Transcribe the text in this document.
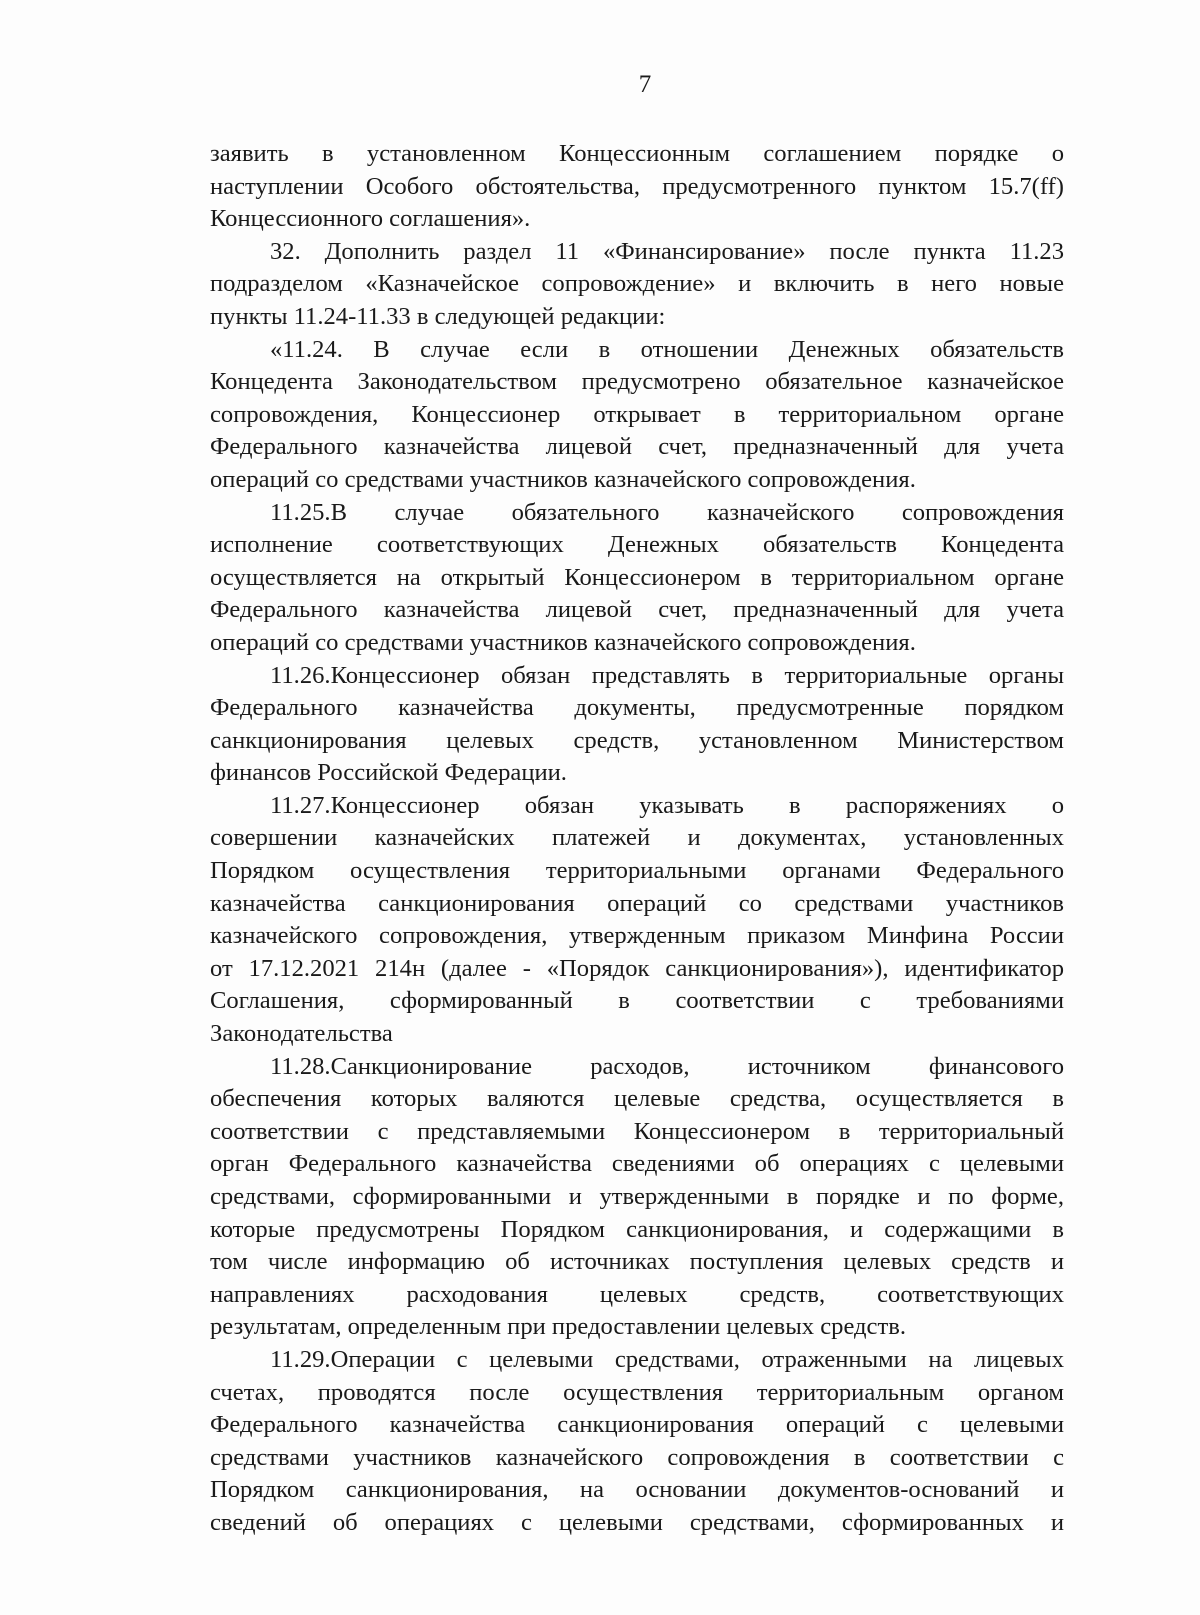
7
заявить в установленном Концессионным соглашением порядке о
наступлении Особого обстоятельства, предусмотренного пунктом 15.7(ff)
Концессионного соглашения».
32. Дополнить раздел 11 «Финансирование» после пункта 11.23
подразделом «Казначейское сопровождение» и включить в него новые
пункты 11.24-11.33 в следующей редакции:
«11.24. В случае если в отношении Денежных обязательств
Концедента Законодательством предусмотрено обязательное казначейское
сопровождения, Концессионер открывает в территориальном органе
Федерального казначейства лицевой счет, предназначенный для учета
операций со средствами участников казначейского сопровождения.
11.25.В случае обязательного казначейского сопровождения
исполнение соответствующих Денежных обязательств Концедента
осуществляется на открытый Концессионером в территориальном органе
Федерального казначейства лицевой счет, предназначенный для учета
операций со средствами участников казначейского сопровождения.
11.26.Концессионер обязан представлять в территориальные органы
Федерального казначейства документы, предусмотренные порядком
санкционирования целевых средств, установленном Министерством
финансов Российской Федерации.
11.27.Концессионер обязан указывать в распоряжениях о
совершении казначейских платежей и документах, установленных
Порядком осуществления территориальными органами Федерального
казначейства санкционирования операций со средствами участников
казначейского сопровождения, утвержденным приказом Минфина России
от 17.12.2021 214н (далее - «Порядок санкционирования»), идентификатор
Соглашения, сформированный в соответствии с требованиями
Законодательства
11.28.Санкционирование расходов, источником финансового
обеспечения которых валяются целевые средства, осуществляется в
соответствии с представляемыми Концессионером в территориальный
орган Федерального казначейства сведениями об операциях с целевыми
средствами, сформированными и утвержденными в порядке и по форме,
которые предусмотрены Порядком санкционирования, и содержащими в
том числе информацию об источниках поступления целевых средств и
направлениях расходования целевых средств, соответствующих
результатам, определенным при предоставлении целевых средств.
11.29.Операции с целевыми средствами, отраженными на лицевых
счетах, проводятся после осуществления территориальным органом
Федерального казначейства санкционирования операций с целевыми
средствами участников казначейского сопровождения в соответствии с
Порядком санкционирования, на основании документов-оснований и
сведений об операциях с целевыми средствами, сформированных и
